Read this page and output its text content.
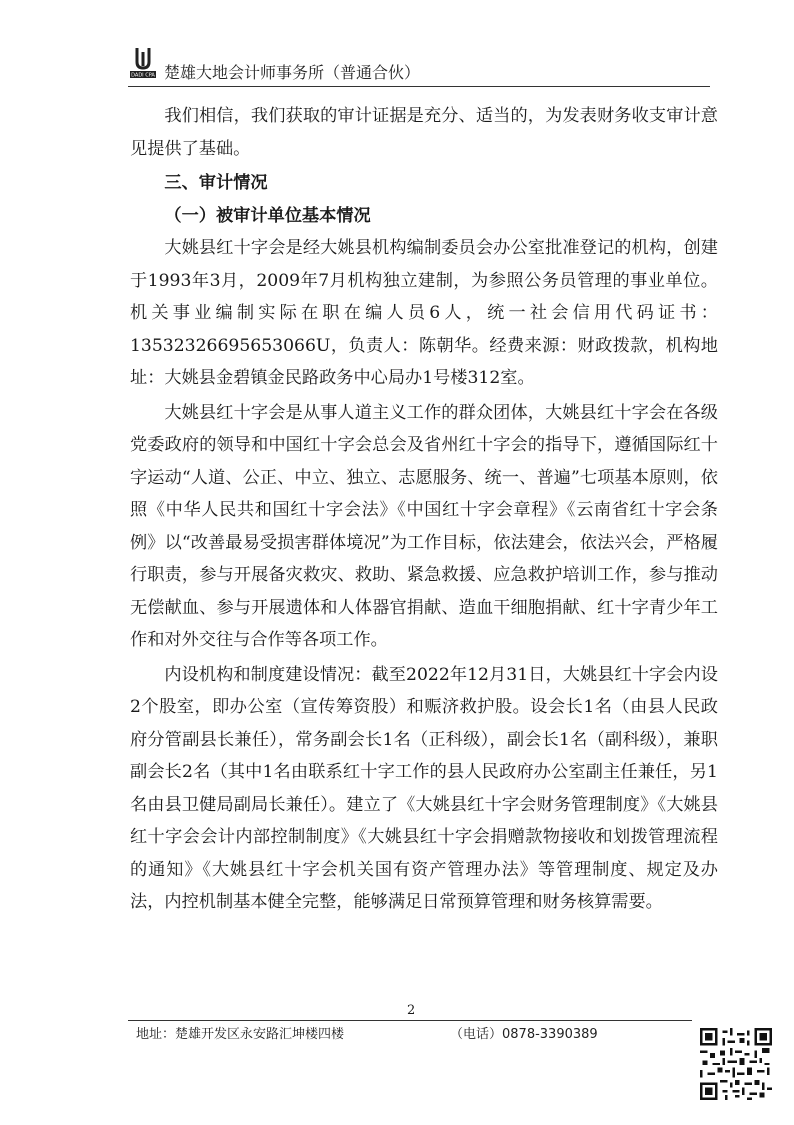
DADI CPA 楚雄大地会计师事务所（普通合伙）

我们相信，我们获取的审计证据是充分、适当的，为发表财务收支审计意见提供了基础。

三、审计情况

（一）被审计单位基本情况

大姚县红十字会是经大姚县机构编制委员会办公室批准登记的机构，创建于1993年3月，2009年7月机构独立建制，为参照公务员管理的事业单位。机关事业编制实际在职在编人员6人，统一社会信用代码证书：13532326695653066U，负责人：陈朝华。经费来源：财政拨款，机构地址：大姚县金碧镇金民路政务中心局办1号楼312室。

大姚县红十字会是从事人道主义工作的群众团体，大姚县红十字会在各级党委政府的领导和中国红十字会总会及省州红十字会的指导下，遵循国际红十字运动“人道、公正、中立、独立、志愿服务、统一、普遍”七项基本原则，依照《中华人民共和国红十字会法》《中国红十字会章程》《云南省红十字会条例》以“改善最易受损害群体境况”为工作目标，依法建会，依法兴会，严格履行职责，参与开展备灾救灾、救助、紧急救援、应急救护培训工作，参与推动无偿献血、参与开展遗体和人体器官捐献、造血干细胞捐献、红十字青少年工作和对外交往与合作等各项工作。

内设机构和制度建设情况：截至2022年12月31日，大姚县红十字会内设2个股室，即办公室（宣传筹资股）和赈济救护股。设会长1名（由县人民政府分管副县长兼任），常务副会长1名（正科级），副会长1名（副科级），兼职副会长2名（其中1名由联系红十字工作的县人民政府办公室副主任兼任，另1名由县卫健局副局长兼任）。建立了《大姚县红十字会财务管理制度》《大姚县红十字会会计内部控制制度》《大姚县红十字会捐赠款物接收和划拨管理流程的通知》《大姚县红十字会机关国有资产管理办法》等管理制度、规定及办法，内控机制基本健全完整，能够满足日常预算管理和财务核算需要。

2
地址：楚雄开发区永安路汇坤楼四楼	（电话）0878-3390389
